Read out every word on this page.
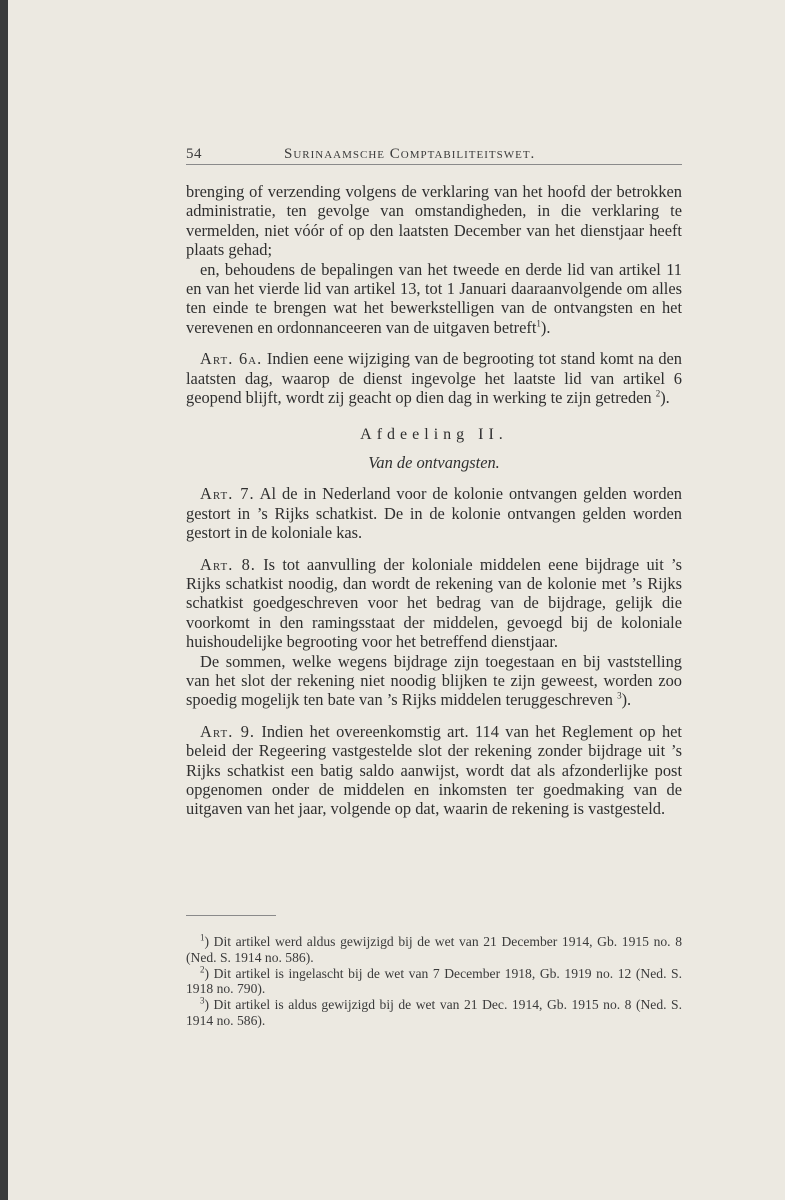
54	Surinaamsche Comptabiliteitswet.

brenging of verzending volgens de verklaring van het hoofd der betrokken administratie, ten gevolge van omstandigheden, in die verklaring te vermelden, niet vóór of op den laatsten December van het dienstjaar heeft plaats gehad;

en, behoudens de bepalingen van het tweede en derde lid van artikel 11 en van het vierde lid van artikel 13, tot 1 Januari daaraanvolgende om alles ten einde te brengen wat het bewerkstelligen van de ontvangsten en het verevenen en ordonnanceeren van de uitgaven betreft$^1$).

Art. 6a. Indien eene wijziging van de begrooting tot stand komt na den laatsten dag, waarop de dienst ingevolge het laatste lid van artikel 6 geopend blijft, wordt zij geacht op dien dag in werking te zijn getreden $^2$).

Afdeeling II.

Van de ontvangsten.

Art. 7. Al de in Nederland voor de kolonie ontvangen gelden worden gestort in ’s Rijks schatkist. De in de kolonie ontvangen gelden worden gestort in de koloniale kas.

Art. 8. Is tot aanvulling der koloniale middelen eene bijdrage uit ’s Rijks schatkist noodig, dan wordt de rekening van de kolonie met ’s Rijks schatkist goedgeschreven voor het bedrag van de bijdrage, gelijk die voorkomt in den ramingsstaat der middelen, gevoegd bij de koloniale huishoudelijke begrooting voor het betreffend dienstjaar.

De sommen, welke wegens bijdrage zijn toegestaan en bij vaststelling van het slot der rekening niet noodig blijken te zijn geweest, worden zoo spoedig mogelijk ten bate van ’s Rijks middelen teruggeschreven $^3$).

Art. 9. Indien het overeenkomstig art. 114 van het Reglement op het beleid der Regeering vastgestelde slot der rekening zonder bijdrage uit ’s Rijks schatkist een batig saldo aanwijst, wordt dat als afzonderlijke post opgenomen onder de middelen en inkomsten ter goedmaking van de uitgaven van het jaar, volgende op dat, waarin de rekening is vastgesteld.

$^1$) Dit artikel werd aldus gewijzigd bij de wet van 21 December 1914, Gb. 1915 no. 8 (Ned. S. 1914 no. 586).

$^2$) Dit artikel is ingelascht bij de wet van 7 December 1918, Gb. 1919 no. 12 (Ned. S. 1918 no. 790).

$^3$) Dit artikel is aldus gewijzigd bij de wet van 21 Dec. 1914, Gb. 1915 no. 8 (Ned. S. 1914 no. 586).
